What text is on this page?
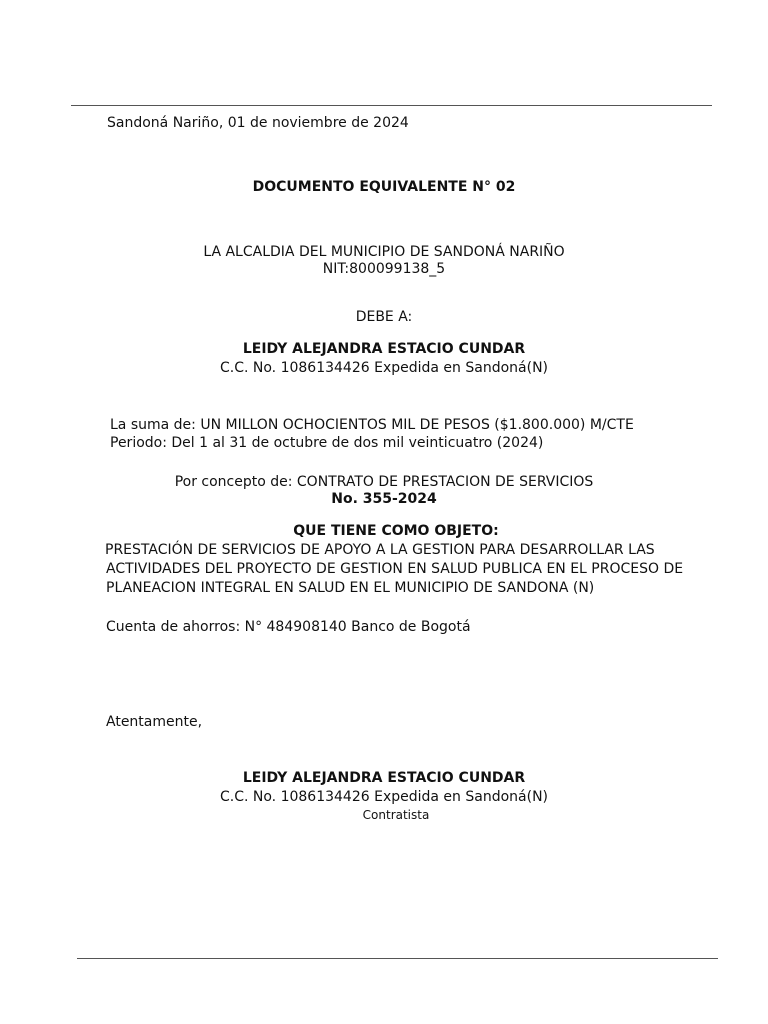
Sandoná Nariño, 01 de noviembre de 2024
DOCUMENTO EQUIVALENTE N° 02
LA ALCALDIA DEL MUNICIPIO DE SANDONÁ NARIÑO
NIT:800099138_5
DEBE A:
LEIDY ALEJANDRA ESTACIO CUNDAR
C.C. No. 1086134426 Expedida en Sandoná(N)
La suma de: UN MILLON OCHOCIENTOS MIL DE PESOS ($1.800.000) M/CTE
Periodo: Del 1 al 31 de octubre de dos mil veinticuatro (2024)
Por concepto de: CONTRATO DE PRESTACION DE SERVICIOS
No. 355-2024
QUE TIENE COMO OBJETO:
PRESTACIÓN DE SERVICIOS DE APOYO A LA GESTION PARA DESARROLLAR LAS
ACTIVIDADES DEL PROYECTO DE GESTION EN SALUD PUBLICA EN EL PROCESO DE
PLANEACION INTEGRAL EN SALUD EN EL MUNICIPIO DE SANDONA (N)
Cuenta de ahorros: N° 484908140 Banco de Bogotá
Atentamente,
LEIDY ALEJANDRA ESTACIO CUNDAR
C.C. No. 1086134426 Expedida en Sandoná(N)
Contratista
